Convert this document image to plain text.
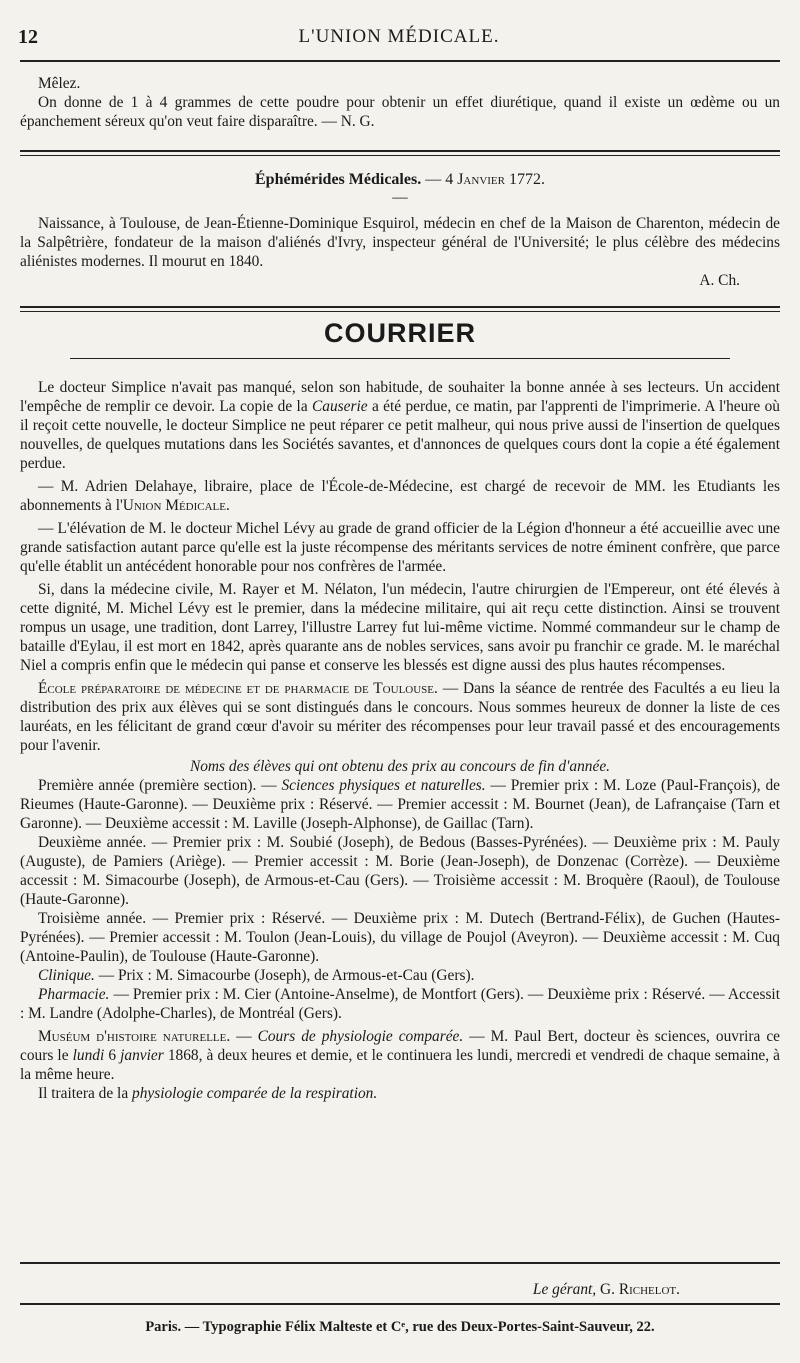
12	L'UNION MÉDICALE.

Mêlez.

On donne de 1 à 4 grammes de cette poudre pour obtenir un effet diurétique, quand il existe un œdème ou un épanchement séreux qu'on veut faire disparaître. — N. G.

Éphémérides Médicales. — 4 Janvier 1772.
—

Naissance, à Toulouse, de Jean-Étienne-Dominique Esquirol, médecin en chef de la Maison de Charenton, médecin de la Salpêtrière, fondateur de la maison d'aliénés d'Ivry, inspecteur général de l'Université; le plus célèbre des médecins aliénistes modernes. Il mourut en 1840.

A. Ch.

COURRIER

Le docteur Simplice n'avait pas manqué, selon son habitude, de souhaiter la bonne année à ses lecteurs. Un accident l'empêche de remplir ce devoir. La copie de la Causerie a été perdue, ce matin, par l'apprenti de l'imprimerie. A l'heure où il reçoit cette nouvelle, le docteur Simplice ne peut réparer ce petit malheur, qui nous prive aussi de l'insertion de quelques nouvelles, de quelques mutations dans les Sociétés savantes, et d'annonces de quelques cours dont la copie a été également perdue.

— M. Adrien Delahaye, libraire, place de l'École-de-Médecine, est chargé de recevoir de MM. les Etudiants les abonnements à l'Union Médicale.

— L'élévation de M. le docteur Michel Lévy au grade de grand officier de la Légion d'honneur a été accueillie avec une grande satisfaction autant parce qu'elle est la juste récompense des méritants services de notre éminent confrère, que parce qu'elle établit un antécédent honorable pour nos confrères de l'armée.

Si, dans la médecine civile, M. Rayer et M. Nélaton, l'un médecin, l'autre chirurgien de l'Empereur, ont été élevés à cette dignité, M. Michel Lévy est le premier, dans la médecine militaire, qui ait reçu cette distinction. Ainsi se trouvent rompus un usage, une tradition, dont Larrey, l'illustre Larrey fut lui-même victime. Nommé commandeur sur le champ de bataille d'Eylau, il est mort en 1842, après quarante ans de nobles services, sans avoir pu franchir ce grade. M. le maréchal Niel a compris enfin que le médecin qui panse et conserve les blessés est digne aussi des plus hautes récompenses.

École préparatoire de médecine et de pharmacie de Toulouse. — Dans la séance de rentrée des Facultés a eu lieu la distribution des prix aux élèves qui se sont distingués dans le concours. Nous sommes heureux de donner la liste de ces lauréats, en les félicitant de grand cœur d'avoir su mériter des récompenses pour leur travail passé et des encouragements pour l'avenir.

Noms des élèves qui ont obtenu des prix au concours de fin d'année.

Première année (première section). — Sciences physiques et naturelles. — Premier prix : M. Loze (Paul-François), de Rieumes (Haute-Garonne). — Deuxième prix : Réservé. — Premier accessit : M. Bournet (Jean), de Lafrançaise (Tarn et Garonne). — Deuxième accessit : M. Laville (Joseph-Alphonse), de Gaillac (Tarn).

Deuxième année. — Premier prix : M. Soubié (Joseph), de Bedous (Basses-Pyrénées). — Deuxième prix : M. Pauly (Auguste), de Pamiers (Ariège). — Premier accessit : M. Borie (Jean-Joseph), de Donzenac (Corrèze). — Deuxième accessit : M. Simacourbe (Joseph), de Armous-et-Cau (Gers). — Troisième accessit : M. Broquère (Raoul), de Toulouse (Haute-Garonne).

Troisième année. — Premier prix : Réservé. — Deuxième prix : M. Dutech (Bertrand-Félix), de Guchen (Hautes-Pyrénées). — Premier accessit : M. Toulon (Jean-Louis), du village de Poujol (Aveyron). — Deuxième accessit : M. Cuq (Antoine-Paulin), de Toulouse (Haute-Garonne).

Clinique. — Prix : M. Simacourbe (Joseph), de Armous-et-Cau (Gers).

Pharmacie. — Premier prix : M. Cier (Antoine-Anselme), de Montfort (Gers). — Deuxième prix : Réservé. — Accessit : M. Landre (Adolphe-Charles), de Montréal (Gers).

Muséum d'histoire naturelle. — Cours de physiologie comparée. — M. Paul Bert, docteur ès sciences, ouvrira ce cours le lundi 6 janvier 1868, à deux heures et demie, et le continuera les lundi, mercredi et vendredi de chaque semaine, à la même heure.

Il traitera de la physiologie comparée de la respiration.

Le gérant, G. Richelot.
Paris. — Typographie Félix Malteste et Cᵉ, rue des Deux-Portes-Saint-Sauveur, 22.
